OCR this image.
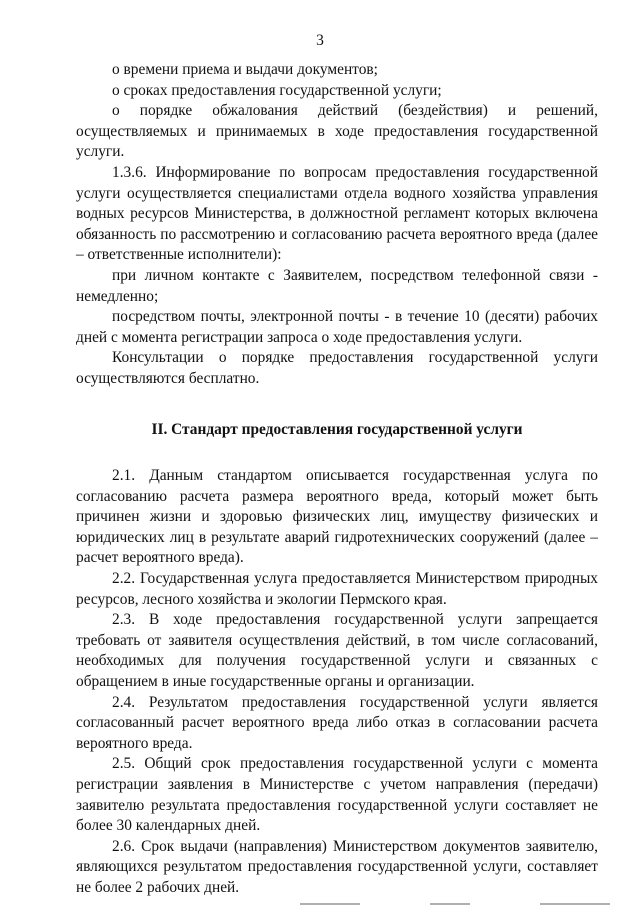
3

о времени приема и выдачи документов;

о сроках предоставления государственной услуги;

о порядке обжалования действий (бездействия) и решений, осуществляемых и принимаемых в ходе предоставления государственной услуги.

1.3.6. Информирование по вопросам предоставления государственной услуги осуществляется специалистами отдела водного хозяйства управления водных ресурсов Министерства, в должностной регламент которых включена обязанность по рассмотрению и согласованию расчета вероятного вреда (далее – ответственные исполнители):

при личном контакте с Заявителем, посредством телефонной связи - немедленно;

посредством почты, электронной почты - в течение 10 (десяти) рабочих дней с момента регистрации запроса о ходе предоставления услуги.

Консультации о порядке предоставления государственной услуги осуществляются бесплатно.

II. Стандарт предоставления государственной услуги

2.1. Данным стандартом описывается государственная услуга по согласованию расчета размера вероятного вреда, который может быть причинен жизни и здоровью физических лиц, имуществу физических и юридических лиц в результате аварий гидротехнических сооружений (далее – расчет вероятного вреда).

2.2. Государственная услуга предоставляется Министерством природных ресурсов, лесного хозяйства и экологии Пермского края.

2.3. В ходе предоставления государственной услуги запрещается требовать от заявителя осуществления действий, в том числе согласований, необходимых для получения государственной услуги и связанных с обращением в иные государственные органы и организации.

2.4. Результатом предоставления государственной услуги является согласованный расчет вероятного вреда либо отказ в согласовании расчета вероятного вреда.

2.5. Общий срок предоставления государственной услуги с момента регистрации заявления в Министерстве с учетом направления (передачи) заявителю результата предоставления государственной услуги составляет не более 30 календарных дней.

2.6. Срок выдачи (направления) Министерством документов заявителю, являющихся результатом предоставления государственной услуги, составляет не более 2 рабочих дней.
